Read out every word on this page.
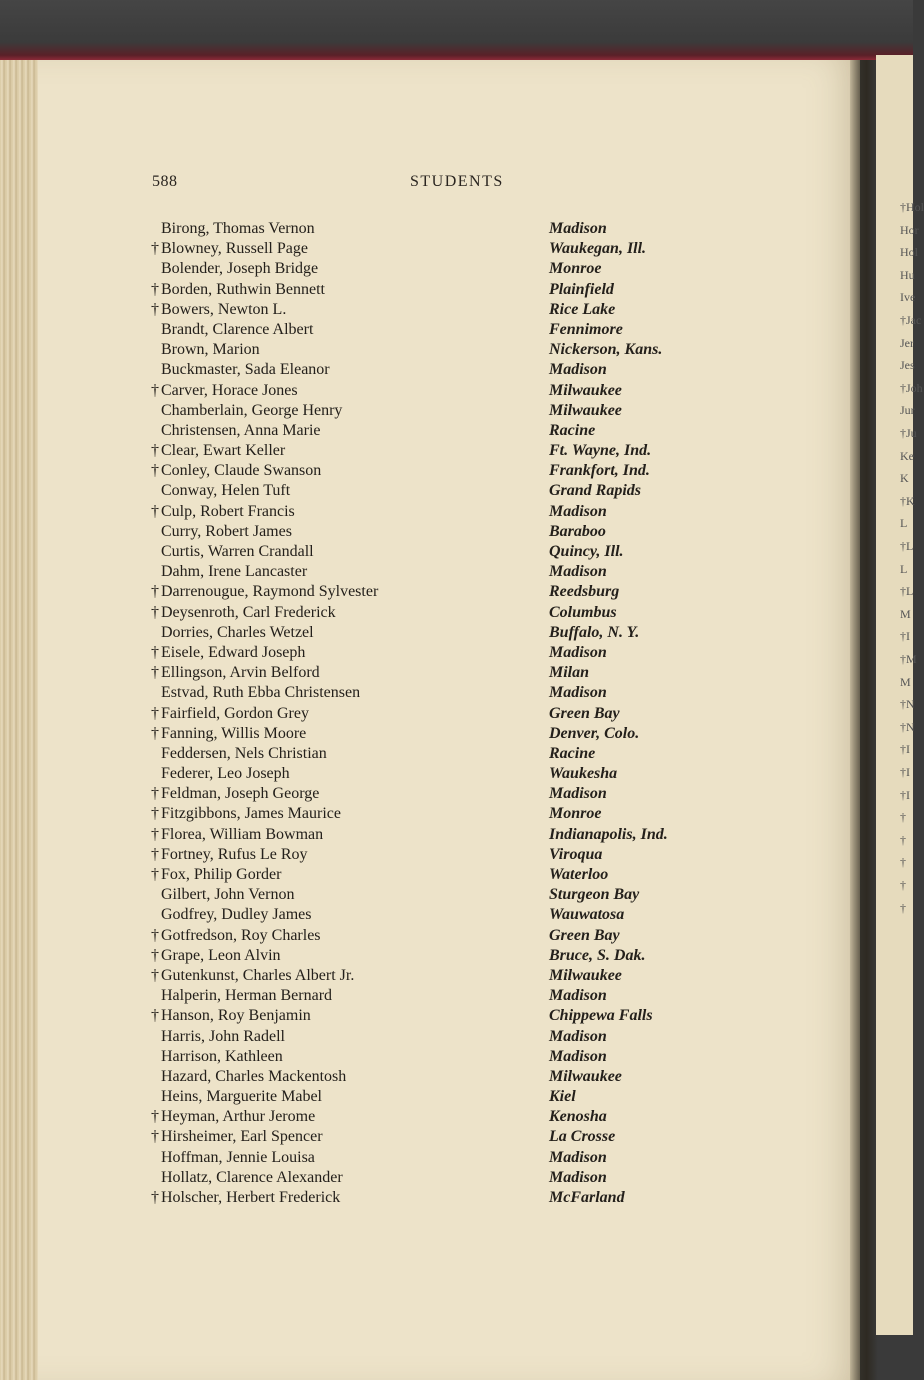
†Hol
Hor
Hol
Hu
Ive
†Jac
Jer
Jes
†Joh
Jur
†Ju
Ke
K
†K
L
†L
L
†L
M
†I
†M
M
†N
†N
†I
†I
†I
†
†
†
†
†
588	STUDENTS
Birong, Thomas Vernon	Madison
† Blowney, Russell Page	Waukegan, Ill.
Bolender, Joseph Bridge	Monroe
† Borden, Ruthwin Bennett	Plainfield
† Bowers, Newton L.	Rice Lake
Brandt, Clarence Albert	Fennimore
Brown, Marion	Nickerson, Kans.
Buckmaster, Sada Eleanor	Madison
† Carver, Horace Jones	Milwaukee
Chamberlain, George Henry	Milwaukee
Christensen, Anna Marie	Racine
† Clear, Ewart Keller	Ft. Wayne, Ind.
† Conley, Claude Swanson	Frankfort, Ind.
Conway, Helen Tuft	Grand Rapids
† Culp, Robert Francis	Madison
Curry, Robert James	Baraboo
Curtis, Warren Crandall	Quincy, Ill.
Dahm, Irene Lancaster	Madison
† Darrenougue, Raymond Sylvester	Reedsburg
† Deysenroth, Carl Frederick	Columbus
Dorries, Charles Wetzel	Buffalo, N. Y.
† Eisele, Edward Joseph	Madison
† Ellingson, Arvin Belford	Milan
Estvad, Ruth Ebba Christensen	Madison
† Fairfield, Gordon Grey	Green Bay
† Fanning, Willis Moore	Denver, Colo.
Feddersen, Nels Christian	Racine
Federer, Leo Joseph	Waukesha
† Feldman, Joseph George	Madison
† Fitzgibbons, James Maurice	Monroe
† Florea, William Bowman	Indianapolis, Ind.
† Fortney, Rufus Le Roy	Viroqua
† Fox, Philip Gorder	Waterloo
Gilbert, John Vernon	Sturgeon Bay
Godfrey, Dudley James	Wauwatosa
† Gotfredson, Roy Charles	Green Bay
† Grape, Leon Alvin	Bruce, S. Dak.
† Gutenkunst, Charles Albert Jr.	Milwaukee
Halperin, Herman Bernard	Madison
† Hanson, Roy Benjamin	Chippewa Falls
Harris, John Radell	Madison
Harrison, Kathleen	Madison
Hazard, Charles Mackentosh	Milwaukee
Heins, Marguerite Mabel	Kiel
† Heyman, Arthur Jerome	Kenosha
† Hirsheimer, Earl Spencer	La Crosse
Hoffman, Jennie Louisa	Madison
Hollatz, Clarence Alexander	Madison
† Holscher, Herbert Frederick	McFarland
